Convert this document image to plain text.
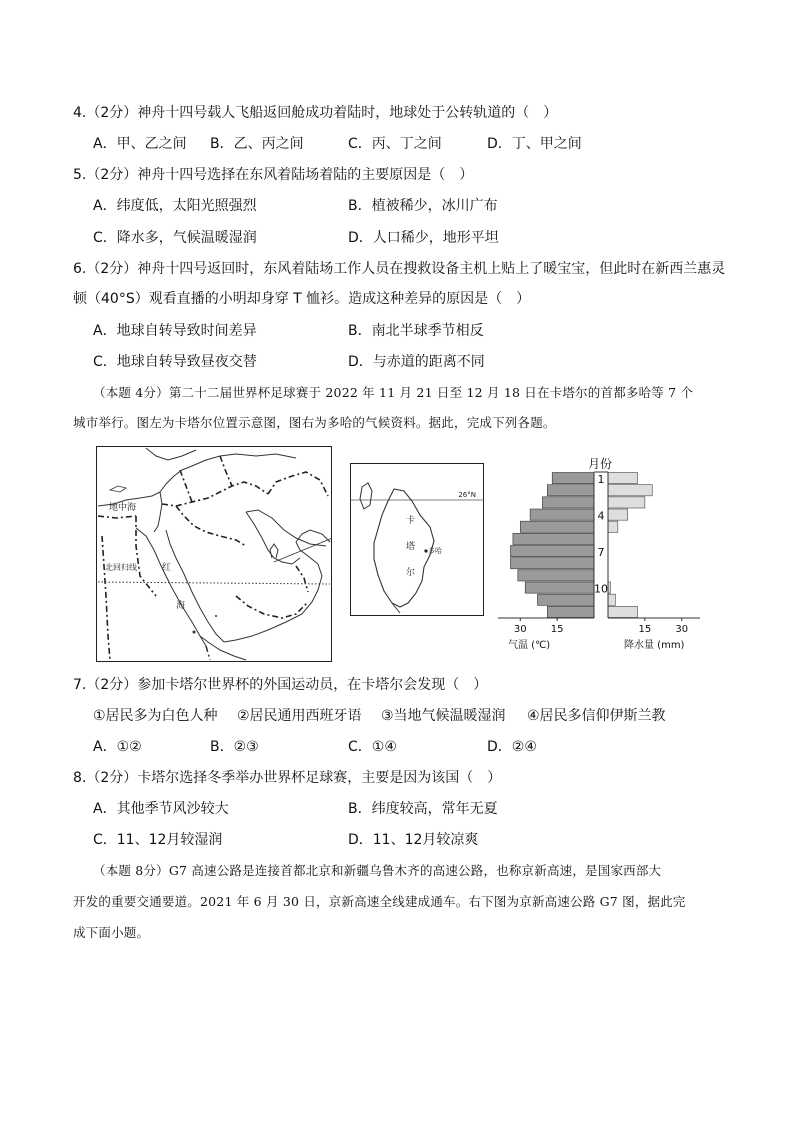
4.（2分）神舟十四号载人飞船返回舱成功着陆时，地球处于公转轨道的（　）
A．甲、乙之间 B．乙、丙之间	C．丙、丁之间	D．丁、甲之间
5.（2分）神舟十四号选择在东风着陆场着陆的主要原因是（　）
A．纬度低，太阳光照强烈	B．植被稀少，冰川广布
C．降水多，气候温暖湿润	D．人口稀少，地形平坦
6.（2分）神舟十四号返回时，东风着陆场工作人员在搜救设备主机上贴上了暖宝宝，但此时在新西兰惠灵
顿（40°S）观看直播的小明却身穿 T 恤衫。造成这种差异的原因是（　）
A．地球自转导致时间差异	B．南北半球季节相反
C．地球自转导致昼夜交替	D．与赤道的距离不同
（本题 4分）第二十二届世界杯足球赛于 2022 年 11 月 21 日至 12 月 18 日在卡塔尔的首都多哈等 7 个
城市举行。图左为卡塔尔位置示意图，图右为多哈的气候资料。据此，完成下列各题。
地中海
北回归线	红
海
26°N
卡
塔
尔
多哈
月份
1
4
7
10
30 15	15 30
气温 (℃)	降水量 (mm)
7.（2分）参加卡塔尔世界杯的外国运动员，在卡塔尔会发现（　）
①居民多为白色人种 ②居民通用西班牙语 ③当地气候温暖湿润 ④居民多信仰伊斯兰教
A．①②	B．②③	C．①④	D．②④
8.（2分）卡塔尔选择冬季举办世界杯足球赛，主要是因为该国（　）
A．其他季节风沙较大	B．纬度较高，常年无夏
C．11、12月较湿润	D．11、12月较凉爽
（本题 8分）G7 高速公路是连接首都北京和新疆乌鲁木齐的高速公路，也称京新高速，是国家西部大
开发的重要交通要道。2021 年 6 月 30 日，京新高速全线建成通车。右下图为京新高速公路 G7 图，据此完
成下面小题。
